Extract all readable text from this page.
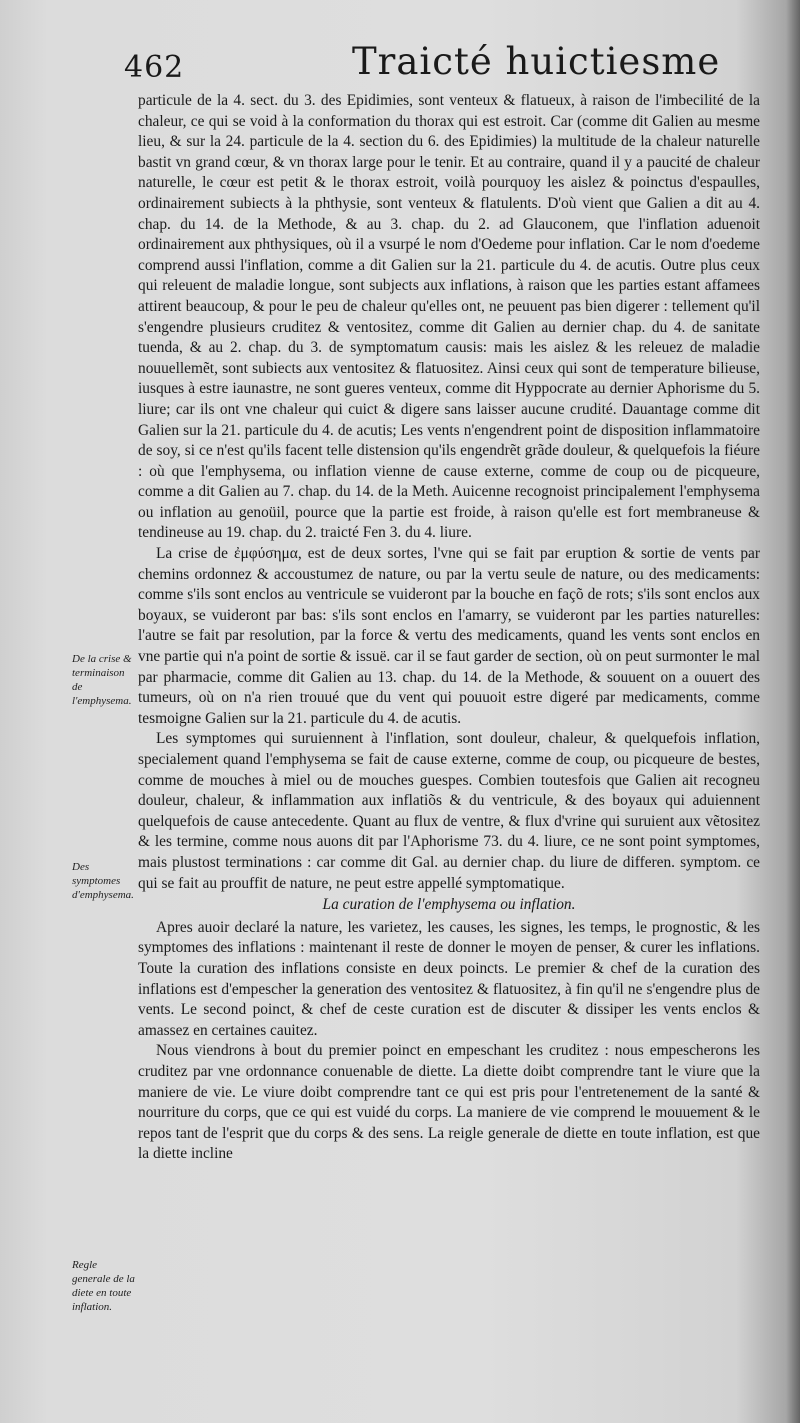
462	Traicté huictiesme
De la crise & terminaison de l'emphysema.
Des symptomes d'emphysema.
Regle generale de la diete en toute inflation.

particule de la 4. sect. du 3. des Epidimies, sont venteux & flatueux, à raison de l'imbecilité de la chaleur, ce qui se void à la conformation du thorax qui est estroit. Car (comme dit Galien au mesme lieu, & sur la 24. particule de la 4. section du 6. des Epidimies) la multitude de la chaleur naturelle bastit vn grand cœur, & vn thorax large pour le tenir. Et au contraire, quand il y a paucité de chaleur naturelle, le cœur est petit & le thorax estroit, voilà pourquoy les aislez & poinctus d'espaulles, ordinairement subiects à la phthysie, sont venteux & flatulents. D'où vient que Galien a dit au 4. chap. du 14. de la Methode, & au 3. chap. du 2. ad Glauconem, que l'inflation aduenoit ordinairement aux phthysiques, où il a vsurpé le nom d'Oedeme pour inflation. Car le nom d'oedeme comprend aussi l'inflation, comme a dit Galien sur la 21. particule du 4. de acutis. Outre plus ceux qui releuent de maladie longue, sont subjects aux inflations, à raison que les parties estant affamees attirent beaucoup, & pour le peu de chaleur qu'elles ont, ne peuuent pas bien digerer : tellement qu'il s'engendre plusieurs cruditez & ventositez, comme dit Galien au dernier chap. du 4. de sanitate tuenda, & au 2. chap. du 3. de symptomatum causis: mais les aislez & les releuez de maladie nouuellemẽt, sont subiects aux ventositez & flatuositez. Ainsi ceux qui sont de temperature bilieuse, iusques à estre iaunastre, ne sont gueres venteux, comme dit Hyppocrate au dernier Aphorisme du 5. liure; car ils ont vne chaleur qui cuict & digere sans laisser aucune crudité. Dauantage comme dit Galien sur la 21. particule du 4. de acutis; Les vents n'engendrent point de disposition inflammatoire de soy, si ce n'est qu'ils facent telle distension qu'ils engendrẽt grãde douleur, & quelquefois la fiéure : où que l'emphysema, ou inflation vienne de cause externe, comme de coup ou de picqueure, comme a dit Galien au 7. chap. du 14. de la Meth. Auicenne recognoist principalement l'emphysema ou inflation au genoüil, pource que la partie est froide, à raison qu'elle est fort membraneuse & tendineuse au 19. chap. du 2. traicté Fen 3. du 4. liure.

La crise de ἐμφύσημα, est de deux sortes, l'vne qui se fait par eruption & sortie de vents par chemins ordonnez & accoustumez de nature, ou par la vertu seule de nature, ou des medicaments: comme s'ils sont enclos au ventricule se vuideront par la bouche en façõ de rots; s'ils sont enclos aux boyaux, se vuideront par bas: s'ils sont enclos en l'amarry, se vuideront par les parties naturelles: l'autre se fait par resolution, par la force & vertu des medicaments, quand les vents sont enclos en vne partie qui n'a point de sortie & issuë. car il se faut garder de section, où on peut surmonter le mal par pharmacie, comme dit Galien au 13. chap. du 14. de la Methode, & souuent on a ouuert des tumeurs, où on n'a rien trouué que du vent qui pouuoit estre digeré par medicaments, comme tesmoigne Galien sur la 21. particule du 4. de acutis.

Les symptomes qui suruiennent à l'inflation, sont douleur, chaleur, & quelquefois inflation, specialement quand l'emphysema se fait de cause externe, comme de coup, ou picqueure de bestes, comme de mouches à miel ou de mouches guespes. Combien toutesfois que Galien ait recogneu douleur, chaleur, & inflammation aux inflatiõs & du ventricule, & des boyaux qui aduiennent quelquefois de cause antecedente. Quant au flux de ventre, & flux d'vrine qui suruient aux vẽtositez & les termine, comme nous auons dit par l'Aphorisme 73. du 4. liure, ce ne sont point symptomes, mais plustost terminations : car comme dit Gal. au dernier chap. du liure de differen. symptom. ce qui se fait au prouffit de nature, ne peut estre appellé symptomatique.

La curation de l'emphysema ou inflation.

Apres auoir declaré la nature, les varietez, les causes, les signes, les temps, le prognostic, & les symptomes des inflations : maintenant il reste de donner le moyen de penser, & curer les inflations. Toute la curation des inflations consiste en deux poincts. Le premier & chef de la curation des inflations est d'empescher la generation des ventositez & flatuositez, à fin qu'il ne s'engendre plus de vents. Le second poinct, & chef de ceste curation est de discuter & dissiper les vents enclos & amassez en certaines cauitez.

Nous viendrons à bout du premier poinct en empeschant les cruditez : nous empescherons les cruditez par vne ordonnance conuenable de diette. La diette doibt comprendre tant le viure que la maniere de vie. Le viure doibt comprendre tant ce qui est pris pour l'entretenement de la santé & nourriture du corps, que ce qui est vuidé du corps. La maniere de vie comprend le mouuement & le repos tant de l'esprit que du corps & des sens. La reigle generale de diette en toute inflation, est que la diette incline
